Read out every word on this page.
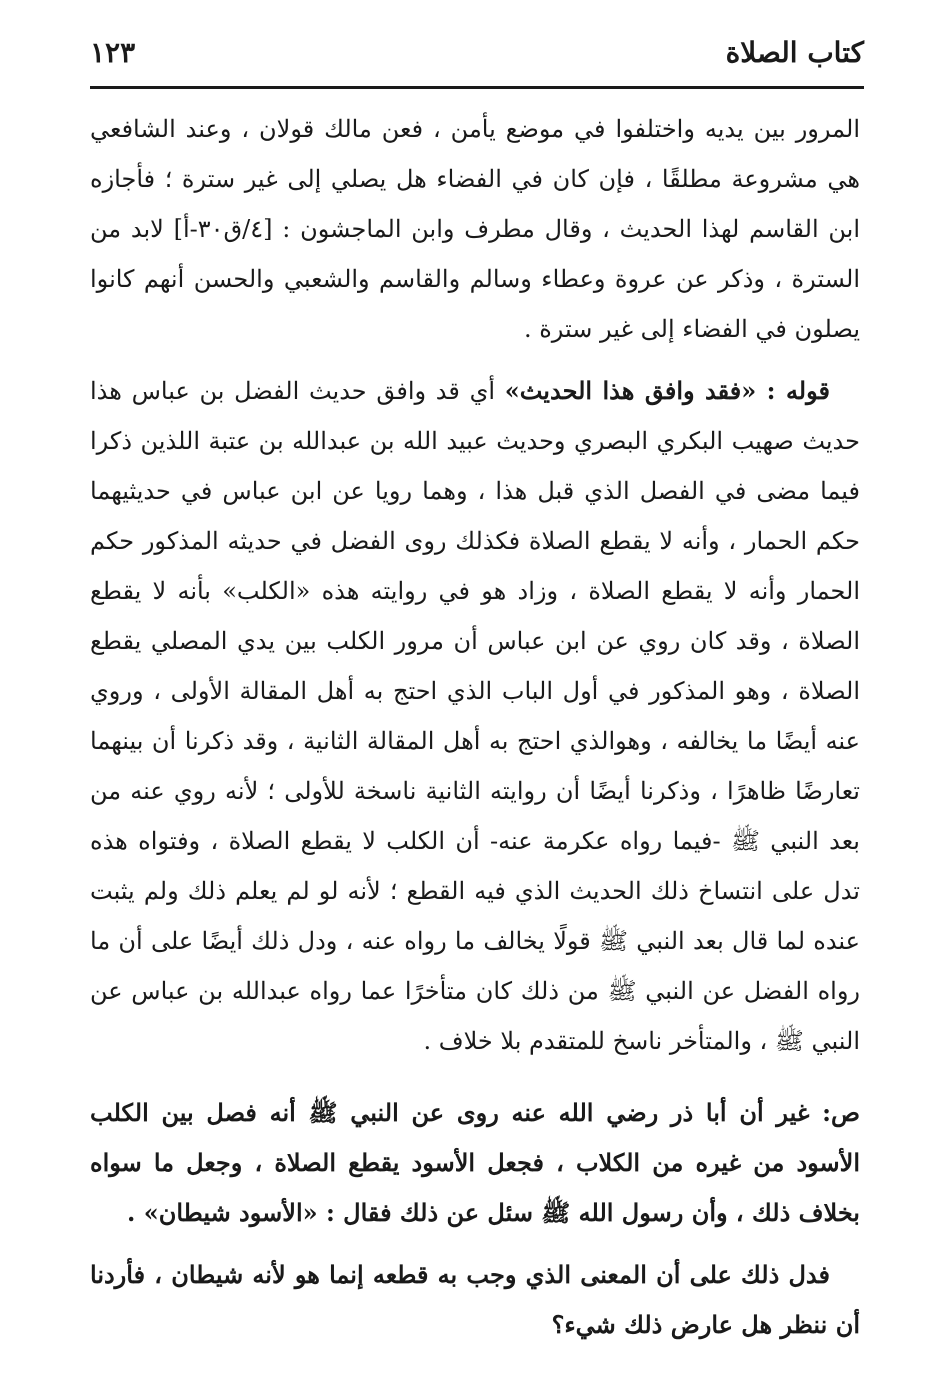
كتاب الصلاة
١٢٣

المرور بين يديه واختلفوا في موضع يأمن ، فعن مالك قولان ، وعند الشافعي هي مشروعة مطلقًا ، فإن كان في الفضاء هل يصلي إلى غير سترة ؛ فأجازه ابن القاسم لهذا الحديث ، وقال مطرف وابن الماجشون : [٤/ق٣٠-أ] لابد من السترة ، وذكر عن عروة وعطاء وسالم والقاسم والشعبي والحسن أنهم كانوا يصلون في الفضاء إلى غير سترة .

قوله : «فقد وافق هذا الحديث» أي قد وافق حديث الفضل بن عباس هذا حديث صهيب البكري البصري وحديث عبيد الله بن عبدالله بن عتبة اللذين ذكرا فيما مضى في الفصل الذي قبل هذا ، وهما رويا عن ابن عباس في حديثيهما حكم الحمار ، وأنه لا يقطع الصلاة فكذلك روى الفضل في حديثه المذكور حكم الحمار وأنه لا يقطع الصلاة ، وزاد هو في روايته هذه «الكلب» بأنه لا يقطع الصلاة ، وقد كان روي عن ابن عباس أن مرور الكلب بين يدي المصلي يقطع الصلاة ، وهو المذكور في أول الباب الذي احتج به أهل المقالة الأولى ، وروي عنه أيضًا ما يخالفه ، وهوالذي احتج به أهل المقالة الثانية ، وقد ذكرنا أن بينهما تعارضًا ظاهرًا ، وذكرنا أيضًا أن روايته الثانية ناسخة للأولى ؛ لأنه روي عنه من بعد النبي ﷺ -فيما رواه عكرمة عنه- أن الكلب لا يقطع الصلاة ، وفتواه هذه تدل على انتساخ ذلك الحديث الذي فيه القطع ؛ لأنه لو لم يعلم ذلك ولم يثبت عنده لما قال بعد النبي ﷺ قولًا يخالف ما رواه عنه ، ودل ذلك أيضًا على أن ما رواه الفضل عن النبي ﷺ من ذلك كان متأخرًا عما رواه عبدالله بن عباس عن النبي ﷺ ، والمتأخر ناسخ للمتقدم بلا خلاف .

ص: غير أن أبا ذر رضي الله عنه روى عن النبي ﷺ أنه فصل بين الكلب الأسود من غيره من الكلاب ، فجعل الأسود يقطع الصلاة ، وجعل ما سواه بخلاف ذلك ، وأن رسول الله ﷺ سئل عن ذلك فقال : «الأسود شيطان» .

فدل ذلك على أن المعنى الذي وجب به قطعه إنما هو لأنه شيطان ، فأردنا أن ننظر هل عارض ذلك شيء؟
